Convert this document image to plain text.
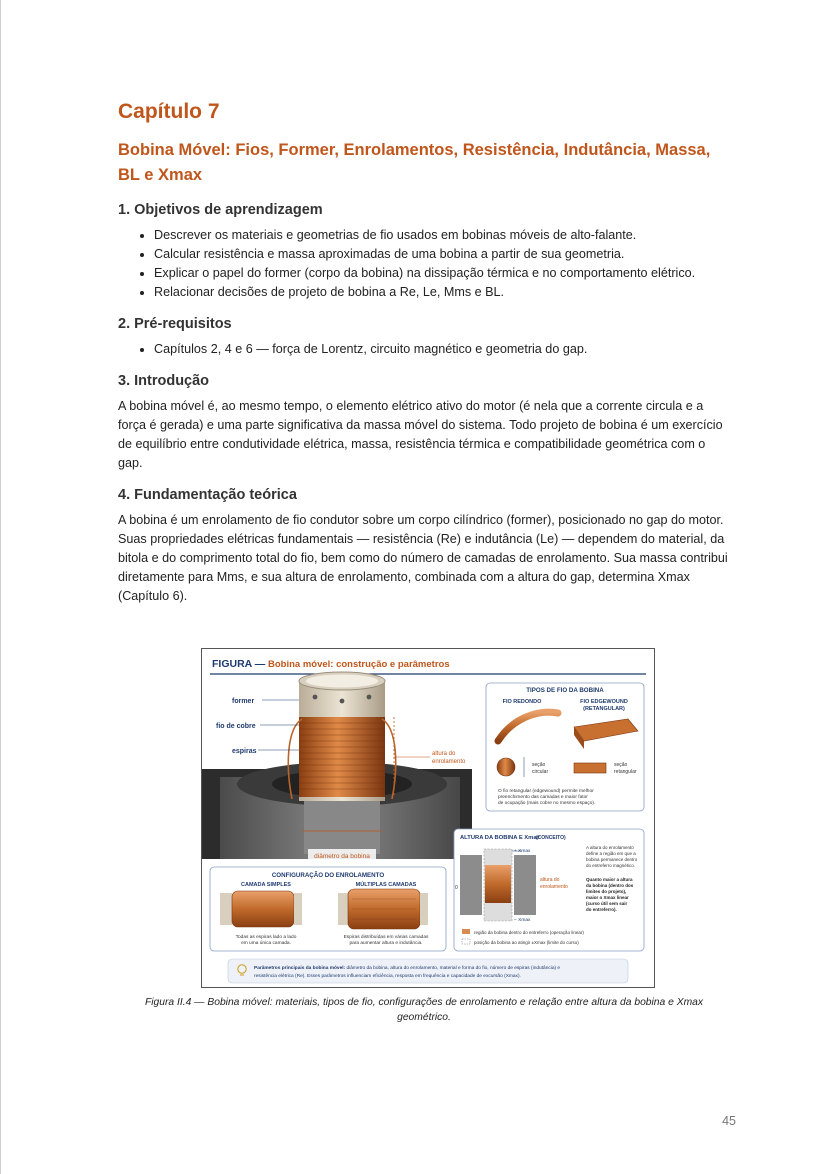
Capítulo 7
Bobina Móvel: Fios, Former, Enrolamentos, Resistência, Indutância, Massa, BL e Xmax
1. Objetivos de aprendizagem
• Descrever os materiais e geometrias de fio usados em bobinas móveis de alto-falante.
• Calcular resistência e massa aproximadas de uma bobina a partir de sua geometria.
• Explicar o papel do former (corpo da bobina) na dissipação térmica e no comportamento elétrico.
• Relacionar decisões de projeto de bobina a Re, Le, Mms e BL.
2. Pré-requisitos
• Capítulos 2, 4 e 6 — força de Lorentz, circuito magnético e geometria do gap.
3. Introdução

A bobina móvel é, ao mesmo tempo, o elemento elétrico ativo do motor (é nela que a corrente circula e a força é gerada) e uma parte significativa da massa móvel do sistema. Todo projeto de bobina é um exercício de equilíbrio entre condutividade elétrica, massa, resistência térmica e compatibilidade geométrica com o gap.

4. Fundamentação teórica

A bobina é um enrolamento de fio condutor sobre um corpo cilíndrico (former), posicionado no gap do motor. Suas propriedades elétricas fundamentais — resistência (Re) e indutância (Le) — dependem do material, da bitola e do comprimento total do fio, bem como do número de camadas de enrolamento. Sua massa contribui diretamente para Mms, e sua altura de enrolamento, combinada com a altura do gap, determina Xmax (Capítulo 6).

FIGURA — Bobina móvel: construção e parâmetros
former
fio de cobre
espiras	altura do
enrolamento
diâmetro da bobina
TIPOS DE FIO DA BOBINA
FIO REDONDO	FIO EDGEWOUND
(RETANGULAR)
seção
circular
seção
retangular
O fio retangular (edgewound) permite melhor
preenchimento das camadas e maior fator
de ocupação (mais cobre no mesmo espaço).
CONFIGURAÇÃO DO ENROLAMENTO
CAMADA SIMPLES	MÚLTIPLAS CAMADAS
Todas as espiras lado a lado
em uma única camada.
Espiras distribuídas em várias camadas
para aumentar altura e indutância.
ALTURA DA BOBINA E Xmax
(CONCEITO)
0
+ Xmax
− Xmax
altura do
enrolamento
A altura do enrolamento
define a região em que a
bobina permanece dentro
do entreferro magnético.
Quanto maior a altura
da bobina (dentro dos
limites do projeto),
maior o Xmax linear
(curso útil sem sair
do entreferro).
região da bobina dentro do entreferro (operação linear)
posição da bobina ao atingir ±Xmax (limite do curso)
Parâmetros principais da bobina móvel: diâmetro da bobina, altura do enrolamento, material e forma do fio, número de espiras (indutância) e
resistência elétrica (Re). Esses parâmetros influenciam eficiência, resposta em frequência e capacidade de excursão (Xmax).
Figura II.4 — Bobina móvel: materiais, tipos de fio, configurações de enrolamento e relação entre altura da bobina e Xmax geométrico.
45
